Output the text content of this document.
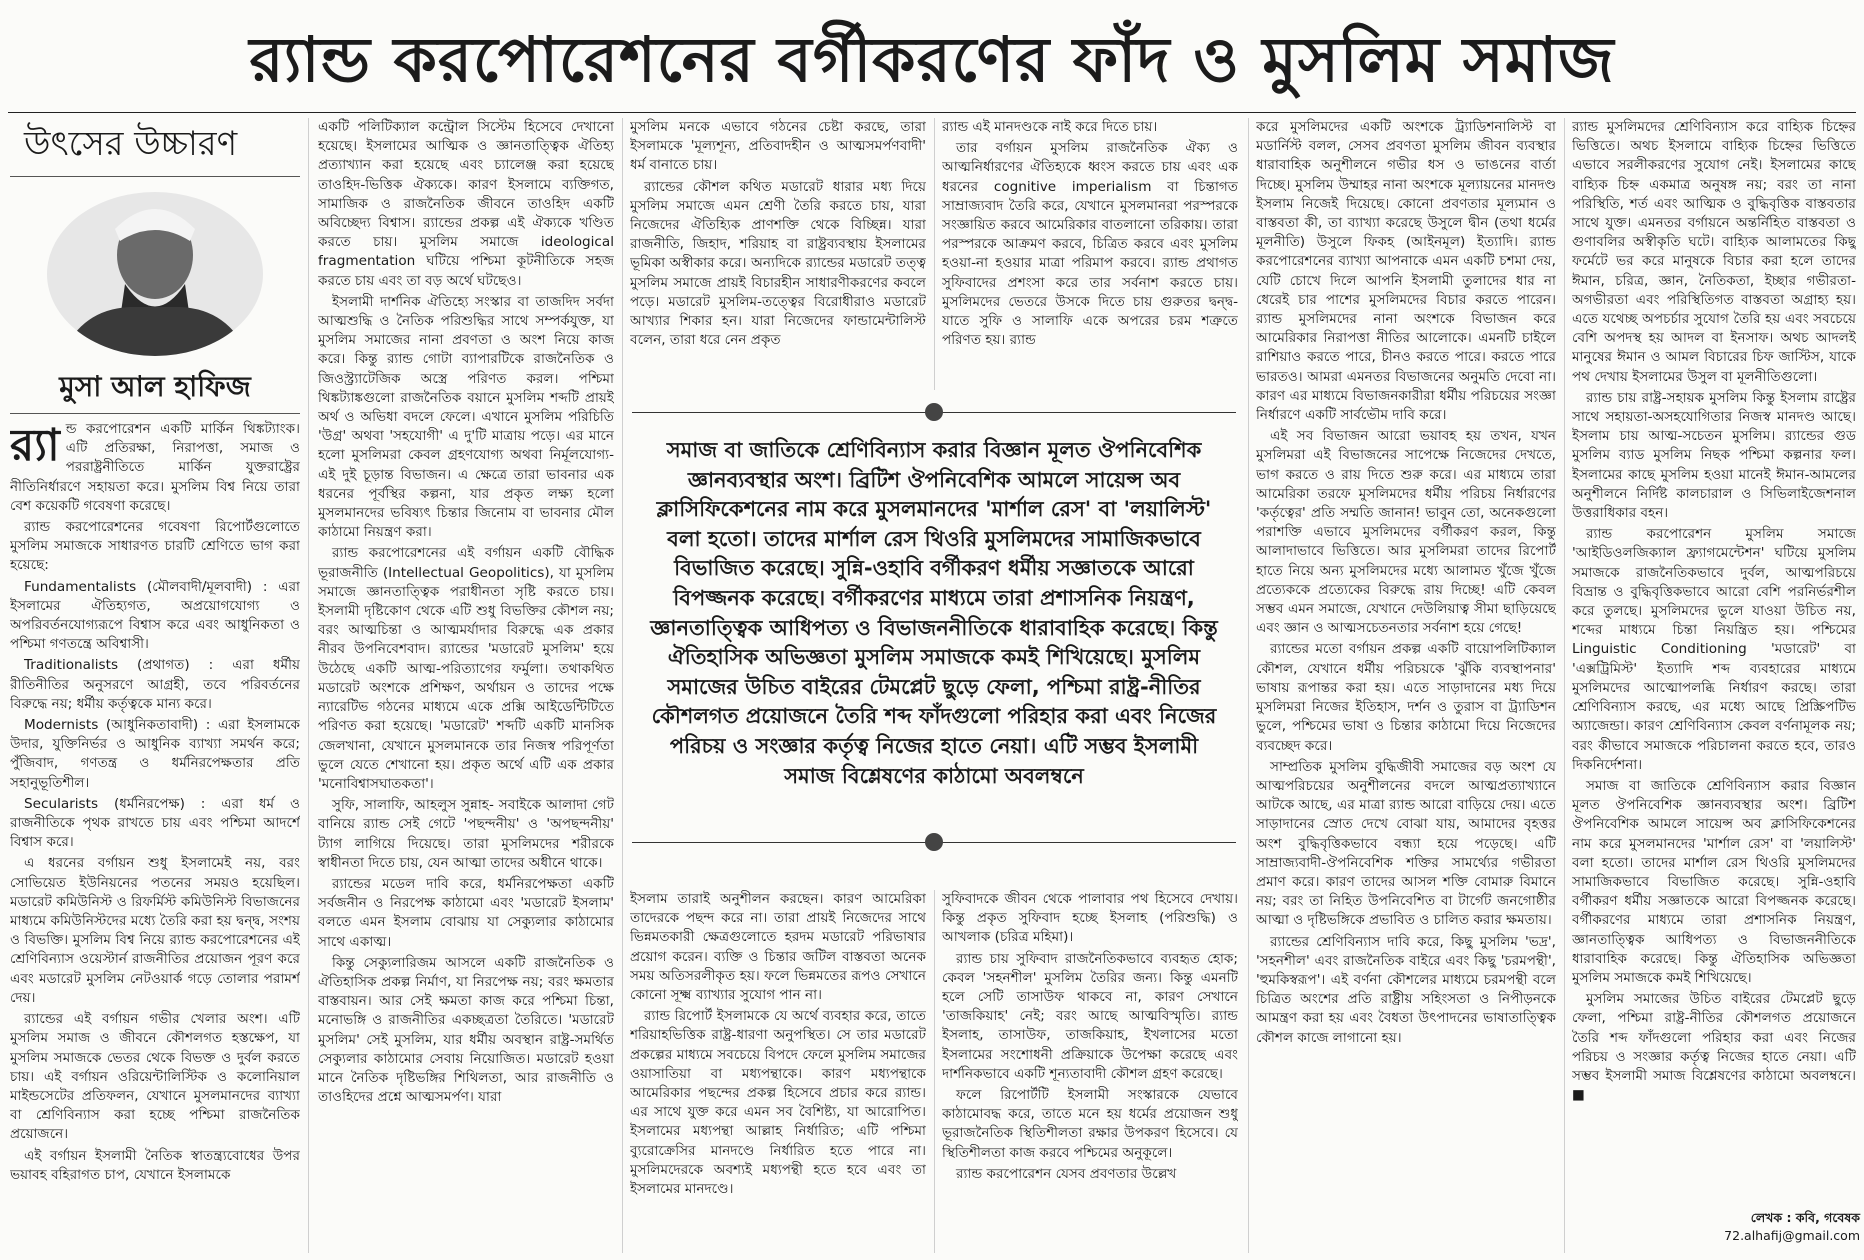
র‍্যান্ড করপোরেশনের বর্গীকরণের ফাঁদ ও মুসলিম সমাজ
উৎসের উচ্চারণ
মুসা আল হাফিজ

র‍্যা ন্ড করপোরেশন একটি মার্কিন থিঙ্কট্যাংক। এটি প্রতিরক্ষা, নিরাপত্তা, সমাজ ও পররাষ্ট্রনীতিতে মার্কিন যুক্তরাষ্ট্রের নীতিনির্ধারণে সহায়তা করে। মুসলিম বিশ্ব নিয়ে তারা বেশ কয়েকটি গবেষণা করেছে।

র‍্যান্ড করপোরেশনের গবেষণা রিপোর্টগুলোতে মুসলিম সমাজকে সাধারণত চারটি শ্রেণিতে ভাগ করা হয়েছে:

Fundamentalists (মৌলবাদী/মূলবাদী) : এরা ইসলামের ঐতিহ্যগত, অপ্রয়োগযোগ্য ও অপরিবর্তনযোগ্যরূপে বিশ্বাস করে এবং আধুনিকতা ও পশ্চিমা গণতন্ত্রে অবিশ্বাসী।

Traditionalists (প্রথাগত) : এরা ধর্মীয় রীতিনীতির অনুসরণে আগ্রহী, তবে পরিবর্তনের বিরুদ্ধে নয়; ধর্মীয় কর্তৃত্বকে মান্য করে।

Modernists (আধুনিকতাবাদী) : এরা ইসলামকে উদার, যুক্তিনির্ভর ও আধুনিক ব্যাখ্যা সমর্থন করে; পুঁজিবাদ, গণতন্ত্র ও ধর্মনিরপেক্ষতার প্রতি সহানুভূতিশীল।

Secularists (ধর্মনিরপেক্ষ) : এরা ধর্ম ও রাজনীতিকে পৃথক রাখতে চায় এবং পশ্চিমা আদর্শে বিশ্বাস করে।

এ ধরনের বর্গায়ন শুধু ইসলামেই নয়, বরং সোভিয়েত ইউনিয়নের পতনের সময়ও হয়েছিল। মডারেট কমিউনিস্ট ও রিফর্মিস্ট কমিউনিস্ট বিভাজনের মাধ্যমে কমিউনিস্টদের মধ্যে তৈরি করা হয় দ্বন্দ্ব, সংশয় ও বিভক্তি। মুসলিম বিশ্ব নিয়ে র‍্যান্ড করপোরেশনের এই শ্রেণিবিন্যাস ওয়েস্টার্ন রাজনীতির প্রয়োজন পূরণ করে এবং মডারেট মুসলিম নেটওয়ার্ক গড়ে তোলার পরামর্শ দেয়।

র‍্যান্ডের এই বর্গায়ন গভীর খেলার অংশ। এটি মুসলিম সমাজ ও জীবনে কৌশলগত হস্তক্ষেপ, যা মুসলিম সমাজকে ভেতর থেকে বিভক্ত ও দুর্বল করতে চায়। এই বর্গায়ন ওরিয়েন্টালিস্টিক ও কলোনিয়াল মাইন্ডসেটের প্রতিফলন, যেখানে মুসলমানদের ব্যাখ্যা বা শ্রেণিবিন্যাস করা হচ্ছে পশ্চিমা রাজনৈতিক প্রয়োজনে।

এই বর্গায়ন ইসলামী নৈতিক স্বাতন্ত্র্যবোধের উপর ভয়াবহ বহিরাগত চাপ, যেখানে ইসলামকে

একটি পলিটিক্যাল কন্ট্রোল সিস্টেম হিসেবে দেখানো হয়েছে। ইসলামের আত্মিক ও জ্ঞানতাত্ত্বিক ঐতিহ্য প্রত্যাখ্যান করা হয়েছে এবং চ্যালেঞ্জ করা হয়েছে তাওহিদ-ভিত্তিক ঐক্যকে। কারণ ইসলামে ব্যক্তিগত, সামাজিক ও রাজনৈতিক জীবনে তাওহিদ একটি অবিচ্ছেদ্য বিশ্বাস। র‍্যান্ডের প্রকল্প এই ঐক্যকে খণ্ডিত করতে চায়। মুসলিম সমাজে ideological fragmentation ঘটিয়ে পশ্চিমা কূটনীতিকে সহজ করতে চায় এবং তা বড় অর্থে ঘটছেও।

ইসলামী দার্শনিক ঐতিহ্যে সংস্কার বা তাজদিদ সর্বদা আত্মশুদ্ধি ও নৈতিক পরিশুদ্ধির সাথে সম্পর্কযুক্ত, যা মুসলিম সমাজের নানা প্রবণতা ও অংশ নিয়ে কাজ করে। কিন্তু র‍্যান্ড গোটা ব্যাপারটিকে রাজনৈতিক ও জিওস্ট্র্যাটেজিক অস্ত্রে পরিণত করল। পশ্চিমা থিঙ্কট্যাঙ্কগুলো রাজনৈতিক বয়ানে মুসলিম শব্দটি প্রায়ই অর্থ ও অভিধা বদলে ফেলে। এখানে মুসলিম পরিচিতি 'উগ্র' অথবা 'সহযোগী' এ দু'টি মাত্রায় পড়ে। এর মানে হলো মুসলিমরা কেবল গ্রহণযোগ্য অথবা নির্মূলযোগ্য- এই দুই চূড়ান্ত বিভাজন। এ ক্ষেত্রে তারা ভাবনার এক ধরনের পূর্বস্থির কল্পনা, যার প্রকৃত লক্ষ্য হলো মুসলমানদের ভবিষ্যৎ চিন্তার জিনোম বা ভাবনার মৌল কাঠামো নিয়ন্ত্রণ করা।

র‍্যান্ড করপোরেশনের এই বর্গায়ন একটি বৌদ্ধিক ভূরাজনীতি (Intellectual Geopolitics), যা মুসলিম সমাজে জ্ঞানতাত্ত্বিক পরাধীনতা সৃষ্টি করতে চায়। ইসলামী দৃষ্টিকোণ থেকে এটি শুধু বিভক্তির কৌশল নয়; বরং আত্মচিন্তা ও আত্মমর্যাদার বিরুদ্ধে এক প্রকার নীরব উপনিবেশবাদ। র‍্যান্ডের 'মডারেট মুসলিম' হয়ে উঠেছে একটি আত্ম-পরিত্যাগের ফর্মুলা। তথাকথিত মডারেট অংশকে প্রশিক্ষণ, অর্থায়ন ও তাদের পক্ষে ন্যারেটিভ গঠনের মাধ্যমে একে প্রক্সি আইডেন্টিটিতে পরিণত করা হয়েছে। 'মডারেট' শব্দটি একটি মানসিক জেলখানা, যেখানে মুসলমানকে তার নিজস্ব পরিপূর্ণতা ভুলে যেতে শেখানো হয়। প্রকৃত অর্থে এটি এক প্রকার 'মনোবিশ্বাসঘাতকতা'।

সুফি, সালাফি, আহলুস সুন্নাহ- সবাইকে আলাদা গেট বানিয়ে র‍্যান্ড সেই গেটে 'পছন্দনীয়' ও 'অপছন্দনীয়' ট্যাগ লাগিয়ে দিয়েছে। তারা মুসলিমদের শরীরকে স্বাধীনতা দিতে চায়, যেন আত্মা তাদের অধীনে থাকে।

র‍্যান্ডের মডেল দাবি করে, ধর্মনিরপেক্ষতা একটি সর্বজনীন ও নিরপেক্ষ কাঠামো এবং 'মডারেট ইসলাম' বলতে এমন ইসলাম বোঝায় যা সেক্যুলার কাঠামোর সাথে একাত্ম।

কিন্তু সেক্যুলারিজম আসলে একটি রাজনৈতিক ও ঐতিহাসিক প্রকল্প নির্মাণ, যা নিরপেক্ষ নয়; বরং ক্ষমতার বাস্তবায়ন। আর সেই ক্ষমতা কাজ করে পশ্চিমা চিন্তা, মনোভঙ্গি ও রাজনীতির একচ্ছত্রতা তৈরিতে। 'মডারেট মুসলিম' সেই মুসলিম, যার ধর্মীয় অবস্থান রাষ্ট্র-সমর্থিত সেক্যুলার কাঠামোর সেবায় নিয়োজিত। মডারেট হওয়া মানে নৈতিক দৃষ্টিভঙ্গির শিথিলতা, আর রাজনীতি ও তাওহিদের প্রশ্নে আত্মসমর্পণ। যারা

মুসলিম মনকে এভাবে গঠনের চেষ্টা করছে, তারা ইসলামকে 'মূল্যশূন্য, প্রতিবাদহীন ও আত্মসমর্পণবাদী' ধর্ম বানাতে চায়।

র‍্যান্ডের কৌশল কথিত মডারেট ধারার মধ্য দিয়ে মুসলিম সমাজে এমন শ্রেণী তৈরি করতে চায়, যারা নিজেদের ঐতিহ্যিক প্রাণশক্তি থেকে বিচ্ছিন্ন। যারা রাজনীতি, জিহাদ, শরিয়াহ বা রাষ্ট্রব্যবস্থায় ইসলামের ভূমিকা অস্বীকার করে। অন্যদিকে র‍্যান্ডের মডারেট তত্ত্ব মুসলিম সমাজে প্রায়ই বিচারহীন সাধারণীকরণের কবলে পড়ে। মডারেট মুসলিম-তত্ত্বের বিরোধীরাও মডারেট আখ্যার শিকার হন। যারা নিজেদের ফান্ডামেন্টালিস্ট বলেন, তারা ধরে নেন প্রকৃত

র‍্যান্ড এই মানদণ্ডকে নাই করে দিতে চায়।

তার বর্গায়ন মুসলিম রাজনৈতিক ঐক্য ও আত্মনির্ধারণের ঐতিহ্যকে ধ্বংস করতে চায় এবং এক ধরনের cognitive imperialism বা চিন্তাগত সাম্রাজ্যবাদ তৈরি করে, যেখানে মুসলমানরা পরস্পরকে সংজ্ঞায়িত করবে আমেরিকার বাতলানো তরিকায়। তারা পরস্পরকে আক্রমণ করবে, চিত্রিত করবে এবং মুসলিম হওয়া-না হওয়ার মাত্রা পরিমাপ করবে। র‍্যান্ড প্রথাগত সুফিবাদের প্রশংসা করে তার সর্বনাশ করতে চায়। মুসলিমদের ভেতরে উসকে দিতে চায় গুরুতর দ্বন্দ্ব- যাতে সুফি ও সালাফি একে অপরের চরম শত্রুতে পরিণত হয়। র‍্যান্ড

সমাজ বা জাতিকে শ্রেণিবিন্যাস করার বিজ্ঞান মূলত ঔপনিবেশিক জ্ঞানব্যবস্থার অংশ। ব্রিটিশ ঔপনিবেশিক আমলে সায়েন্স অব ক্লাসিফিকেশনের নাম করে মুসলমানদের 'মার্শাল রেস' বা 'লয়ালিস্ট' বলা হতো। তাদের মার্শাল রেস থিওরি মুসলিমদের সামাজিকভাবে বিভাজিত করেছে। সুন্নি-ওহাবি বর্গীকরণ ধর্মীয় সজ্ঞাতকে আরো বিপজ্জনক করেছে। বর্গীকরণের মাধ্যমে তারা প্রশাসনিক নিয়ন্ত্রণ, জ্ঞানতাত্ত্বিক আধিপত্য ও বিভাজননীতিকে ধারাবাহিক করেছে। কিন্তু ঐতিহাসিক অভিজ্ঞতা মুসলিম সমাজকে কমই শিখিয়েছে। মুসলিম সমাজের উচিত বাইরের টেমপ্লেট ছুড়ে ফেলা, পশ্চিমা রাষ্ট্র-নীতির কৌশলগত প্রয়োজনে তৈরি শব্দ ফাঁদগুলো পরিহার করা এবং নিজের পরিচয় ও সংজ্ঞার কর্তৃত্ব নিজের হাতে নেয়া। এটি সম্ভব ইসলামী সমাজ বিশ্লেষণের কাঠামো অবলম্বনে

ইসলাম তারাই অনুশীলন করছেন। কারণ আমেরিকা তাদেরকে পছন্দ করে না। তারা প্রায়ই নিজেদের সাথে ভিন্নমতকারী ক্ষেত্রগুলোতে হরদম মডারেট পরিভাষার প্রয়োগ করেন। ব্যক্তি ও চিন্তার জটিল বাস্তবতা অনেক সময় অতিসরলীকৃত হয়। ফলে ভিন্নমতের রূপও সেখানে কোনো সূক্ষ্ম ব্যাখ্যার সুযোগ পান না।

র‍্যান্ড রিপোর্ট ইসলামকে যে অর্থে ব্যবহার করে, তাতে শরিয়াহভিত্তিক রাষ্ট্র-ধারণা অনুপস্থিত। সে তার মডারেট প্রকল্পের মাধ্যমে সবচেয়ে বিপদে ফেলে মুসলিম সমাজের ওয়াসাতিয়া বা মধ্যপন্থাকে। কারণ মধ্যপন্থাকে আমেরিকার পছন্দের প্রকল্প হিসেবে প্রচার করে র‍্যান্ড। এর সাথে যুক্ত করে এমন সব বৈশিষ্ট্য, যা আরোপিত। ইসলামের মধ্যপন্থা আল্লাহ নির্ধারিত; এটি পশ্চিমা ব্যুরোক্রেসির মানদণ্ডে নির্ধারিত হতে পারে না। মুসলিমদেরকে অবশ্যই মধ্যপন্থী হতে হবে এবং তা ইসলামের মানদণ্ডে।

সুফিবাদকে জীবন থেকে পালাবার পথ হিসেবে দেখায়। কিন্তু প্রকৃত সুফিবাদ হচ্ছে ইসলাহ (পরিশুদ্ধি) ও আখলাক (চরিত্র মহিমা)।

র‍্যান্ড চায় সুফিবাদ রাজনৈতিকভাবে ব্যবহৃত হোক; কেবল 'সহনশীল' মুসলিম তৈরির জন্য। কিন্তু এমনটি হলে সেটি তাসাউফ থাকবে না, কারণ সেখানে 'তাজকিয়াহ' নেই; বরং আছে আত্মবিস্মৃতি। র‍্যান্ড ইসলাহ, তাসাউফ, তাজকিয়াহ, ইখলাসের মতো ইসলামের সংশোধনী প্রক্রিয়াকে উপেক্ষা করেছে এবং দার্শনিকভাবে একটি শূন্যতাবাদী কৌশল গ্রহণ করেছে।

ফলে রিপোর্টটি ইসলামী সংস্কারকে যেভাবে কাঠামোবদ্ধ করে, তাতে মনে হয় ধর্মের প্রয়োজন শুধু ভূরাজনৈতিক স্থিতিশীলতা রক্ষার উপকরণ হিসেবে। যে স্থিতিশীলতা কাজ করবে পশ্চিমের অনুকূলে।

র‍্যান্ড করপোরেশন যেসব প্রবণতার উল্লেখ

করে মুসলিমদের একটি অংশকে ট্র্যাডিশনালিস্ট বা মডার্নিস্ট বলল, সেসব প্রবণতা মুসলিম জীবন ব্যবস্থার ধারাবাহিক অনুশীলনে গভীর ধস ও ভাঙনের বার্তা দিচ্ছে। মুসলিম উম্মাহর নানা অংশকে মূল্যায়নের মানদণ্ড ইসলাম নিজেই দিয়েছে। কোনো প্রবণতার মূল্যমান ও বাস্তবতা কী, তা ব্যাখ্যা করেছে উসুলে দ্বীন (তথা ধর্মের মূলনীতি) উসুলে ফিকহ (আইনমূল) ইত্যাদি। র‍্যান্ড করপোরেশনের ব্যাখ্যা আপনাকে এমন একটি চশমা দেয়, যেটি চোখে দিলে আপনি ইসলামী তুলাদের ধার না ধেরেই চার পাশের মুসলিমদের বিচার করতে পারেন। র‍্যান্ড মুসলিমদের নানা অংশকে বিভাজন করে আমেরিকার নিরাপত্তা নীতির আলোকে। এমনটি চাইলে রাশিয়াও করতে পারে, চীনও করতে পারে। করতে পারে ভারতও। আমরা এমনতর বিভাজনের অনুমতি দেবো না। কারণ এর মাধ্যমে বিভাজনকারীরা ধর্মীয় পরিচয়ের সংজ্ঞা নির্ধারণে একটি সার্বভৌম দাবি করে।

এই সব বিভাজন আরো ভয়াবহ হয় তখন, যখন মুসলিমরা এই বিভাজনের সাপেক্ষে নিজেদের দেখতে, ভাগ করতে ও রায় দিতে শুরু করে। এর মাধ্যমে তারা আমেরিকা তরফে মুসলিমদের ধর্মীয় পরিচয় নির্ধারণের 'কর্তৃত্বের' প্রতি সম্মতি জানান! ভাবুন তো, অনেকগুলো পরাশক্তি এভাবে মুসলিমদের বর্গীকরণ করল, কিন্তু আলাদাভাবে ভিত্তিতে। আর মুসলিমরা তাদের রিপোর্ট হাতে নিয়ে অন্য মুসলিমদের মধ্যে আলামত খুঁজে খুঁজে প্রত্যেককে প্রত্যেকের বিরুদ্ধে রায় দিচ্ছে! এটি কেবল সম্ভব এমন সমাজে, যেখানে দেউলিয়াত্ব সীমা ছাড়িয়েছে এবং জ্ঞান ও আত্মসচেতনতার সর্বনাশ হয়ে গেছে!

র‍্যান্ডের মতো বর্গায়ন প্রকল্প একটি বায়োপলিটিক্যাল কৌশল, যেখানে ধর্মীয় পরিচয়কে 'ঝুঁকি ব্যবস্থাপনার' ভাষায় রূপান্তর করা হয়। এতে সাড়াদানের মধ্য দিয়ে মুসলিমরা নিজের ইতিহাস, দর্শন ও তুরাস বা ট্র্যাডিশন ভুলে, পশ্চিমের ভাষা ও চিন্তার কাঠামো দিয়ে নিজেদের ব্যবচ্ছেদ করে।

সাম্প্রতিক মুসলিম বুদ্ধিজীবী সমাজের বড় অংশ যে আত্মপরিচয়ের অনুশীলনের বদলে আত্মপ্রত্যাখ্যানে আটকে আছে, এর মাত্রা র‍্যান্ড আরো বাড়িয়ে দেয়। এতে সাড়াদানের স্রোত দেখে বোঝা যায়, আমাদের বৃহত্তর অংশ বুদ্ধিবৃত্তিকভাবে বন্ধ্যা হয়ে পড়েছে। এটি সাম্রাজ্যবাদী-ঔপনিবেশিক শক্তির সামর্থ্যের গভীরতা প্রমাণ করে। কারণ তাদের আসল শক্তি বোমারু বিমানে নয়; বরং তা নিহিত উপনিবেশিত বা টার্গেট জনগোষ্ঠীর আত্মা ও দৃষ্টিভঙ্গিকে প্রভাবিত ও চালিত করার ক্ষমতায়।

র‍্যান্ডের শ্রেণিবিন্যাস দাবি করে, কিছু মুসলিম 'ভদ্র', 'সহনশীল' এবং রাজনৈতিক বাইরে এবং কিছু 'চরমপন্থী', 'হুমকিস্বরূপ'। এই বর্ণনা কৌশলের মাধ্যমে চরমপন্থী বলে চিত্রিত অংশের প্রতি রাষ্ট্রীয় সহিংসতা ও নিপীড়নকে আমন্ত্রণ করা হয় এবং বৈধতা উৎপাদনের ভাষাতাত্ত্বিক কৌশল কাজে লাগানো হয়।

র‍্যান্ড মুসলিমদের শ্রেণিবিন্যাস করে বাহ্যিক চিহ্নের ভিত্তিতে। অথচ ইসলামে বাহ্যিক চিহ্নের ভিত্তিতে এভাবে সরলীকরণের সুযোগ নেই। ইসলামের কাছে বাহ্যিক চিহ্ন একমাত্র অনুষঙ্গ নয়; বরং তা নানা পরিস্থিতি, শর্ত এবং আত্মিক ও বুদ্ধিবৃত্তিক বাস্তবতার সাথে যুক্ত। এমনতর বর্গায়নে অন্তর্নিহিত বাস্তবতা ও গুণাবলির অস্বীকৃতি ঘটে। বাহ্যিক আলামতের কিছু ফর্মেটে ভর করে মানুষকে বিচার করা হলে তাদের ঈমান, চরিত্র, জ্ঞান, নৈতিকতা, ইচ্ছার গভীরতা-অগভীরতা এবং পরিস্থিতিগত বাস্তবতা অগ্রাহ্য হয়। এতে যথেচ্ছ অপচর্চার সুযোগ তৈরি হয় এবং সবচেয়ে বেশি অপদস্থ হয় আদল বা ইনসাফ। অথচ আদলই মানুষের ঈমান ও আমল বিচারের চিফ জাস্টিস, যাকে পথ দেখায় ইসলামের উসুল বা মূলনীতিগুলো।

র‍্যান্ড চায় রাষ্ট্র-সহায়ক মুসলিম কিন্তু ইসলাম রাষ্ট্রের সাথে সহায়তা-অসহযোগিতার নিজস্ব মানদণ্ড আছে। ইসলাম চায় আত্ম-সচেতন মুসলিম। র‍্যান্ডের গুড মুসলিম ব্যাড মুসলিম নিছক পশ্চিমা কল্পনার ফল। ইসলামের কাছে মুসলিম হওয়া মানেই ঈমান-আমলের অনুশীলনে নির্দিষ্ট কালচারাল ও সিভিলাইজেশনাল উত্তরাধিকার বহন।

র‍্যান্ড করপোরেশন মুসলিম সমাজে 'আইডিওলজিক্যাল ফ্র্যাগমেন্টেশন' ঘটিয়ে মুসলিম সমাজকে রাজনৈতিকভাবে দুর্বল, আত্মপরিচয়ে বিভ্রান্ত ও বুদ্ধিবৃত্তিকভাবে আরো বেশি পরনির্ভরশীল করে তুলছে। মুসলিমদের ভুলে যাওয়া উচিত নয়, শব্দের মাধ্যমে চিন্তা নিয়ন্ত্রিত হয়। পশ্চিমের Linguistic Conditioning 'মডারেট' বা 'এক্সট্রিমিস্ট' ইত্যাদি শব্দ ব্যবহারের মাধ্যমে মুসলিমদের আত্মোপলব্ধি নির্ধারণ করছে। তারা শ্রেণিবিন্যাস করছে, এর মধ্যে আছে প্রিস্ক্রিপটিভ অ্যাজেন্ডা। কারণ শ্রেণিবিন্যাস কেবল বর্ণনামূলক নয়; বরং কীভাবে সমাজকে পরিচালনা করতে হবে, তারও দিকনির্দেশনা।

সমাজ বা জাতিকে শ্রেণিবিন্যাস করার বিজ্ঞান মূলত ঔপনিবেশিক জ্ঞানব্যবস্থার অংশ। ব্রিটিশ ঔপনিবেশিক আমলে সায়েন্স অব ক্লাসিফিকেশনের নাম করে মুসলমানদের 'মার্শাল রেস' বা 'লয়ালিস্ট' বলা হতো। তাদের মার্শাল রেস থিওরি মুসলিমদের সামাজিকভাবে বিভাজিত করেছে। সুন্নি-ওহাবি বর্গীকরণ ধর্মীয় সজ্ঞাতকে আরো বিপজ্জনক করেছে। বর্গীকরণের মাধ্যমে তারা প্রশাসনিক নিয়ন্ত্রণ, জ্ঞানতাত্ত্বিক আধিপত্য ও বিভাজননীতিকে ধারাবাহিক করেছে। কিন্তু ঐতিহাসিক অভিজ্ঞতা মুসলিম সমাজকে কমই শিখিয়েছে।

মুসলিম সমাজের উচিত বাইরের টেমপ্লেট ছুড়ে ফেলা, পশ্চিমা রাষ্ট্র-নীতির কৌশলগত প্রয়োজনে তৈরি শব্দ ফাঁদগুলো পরিহার করা এবং নিজের পরিচয় ও সংজ্ঞার কর্তৃত্ব নিজের হাতে নেয়া। এটি সম্ভব ইসলামী সমাজ বিশ্লেষণের কাঠামো অবলম্বনে। ■

লেখক : কবি, গবেষক
72.alhafij@gmail.com
